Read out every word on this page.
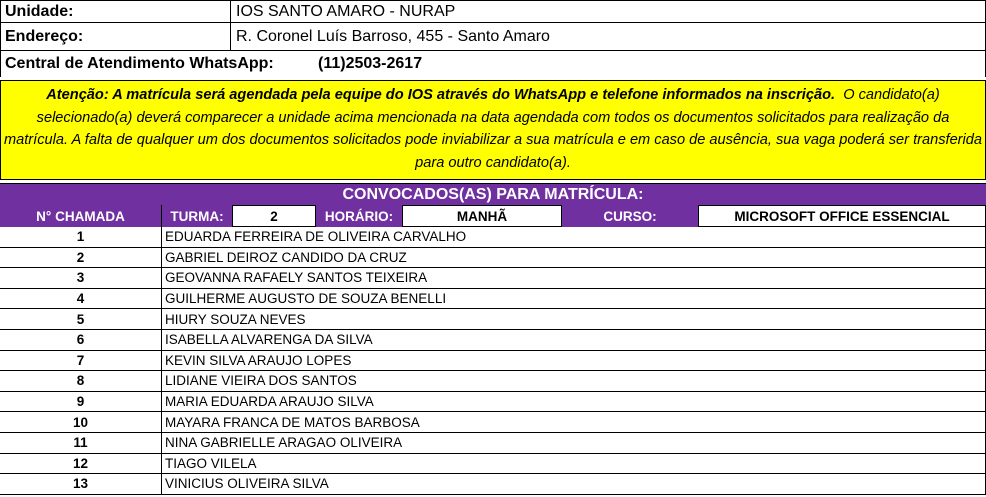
Unidade:	IOS SANTO AMARO - NURAP
Endereço:	R. Coronel Luís Barroso, 455 - Santo Amaro
Central de Atendimento WhatsApp:	(11)2503-2617
Atenção: A matrícula será agendada pela equipe do IOS através do WhatsApp e telefone informados na inscrição. O candidato(a) selecionado(a) deverá comparecer a unidade acima mencionada na data agendada com todos os documentos solicitados para realização da matrícula. A falta de qualquer um dos documentos solicitados pode inviabilizar a sua matrícula e em caso de ausência, sua vaga poderá ser transferida para outro candidato(a).
CONVOCADOS(AS) PARA MATRÍCULA:
N° CHAMADA	TURMA:	2	HORÁRIO:	MANHÃ	CURSO:	MICROSOFT OFFICE ESSENCIAL
1	EDUARDA FERREIRA DE OLIVEIRA CARVALHO
2	GABRIEL DEIROZ CANDIDO DA CRUZ
3	GEOVANNA RAFAELY SANTOS TEIXEIRA
4	GUILHERME AUGUSTO DE SOUZA BENELLI
5	HIURY SOUZA NEVES
6	ISABELLA ALVARENGA DA SILVA
7	KEVIN SILVA ARAUJO LOPES
8	LIDIANE VIEIRA DOS SANTOS
9	MARIA EDUARDA ARAUJO SILVA
10	MAYARA FRANCA DE MATOS BARBOSA
11	NINA GABRIELLE ARAGAO OLIVEIRA
12	TIAGO VILELA
13	VINICIUS OLIVEIRA SILVA
